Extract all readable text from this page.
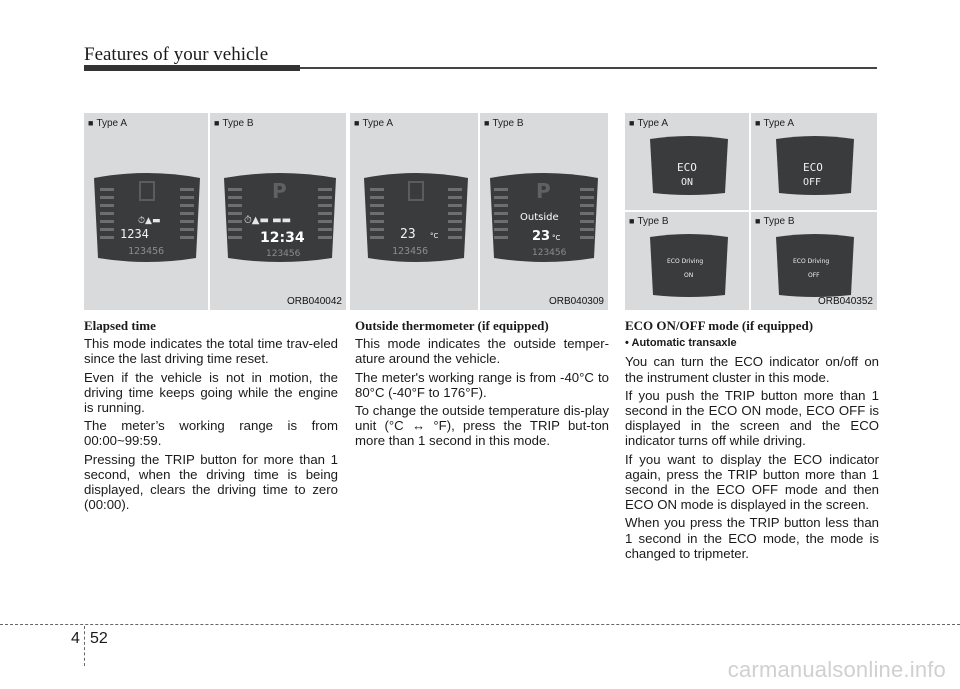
Features of your vehicle
■ Type A	■ Type B
⏱▲▬
1234
123456
P
⏱▲▬ ▬▬
12:34
123456
ORB040042
■ Type A	■ Type B
23 °C
123456
P
Outside
23 °C
123456
ORB040309
■ Type A	■ Type A
■ Type B	■ Type B
ECO
ON
ECO
OFF
ECO Driving
ON
ECO Driving
OFF
ORB040352
Elapsed time

This mode indicates the total time trav-eled since the last driving time reset.

Even if the vehicle is not in motion, the driving time keeps going while the engine is running.

The meter’s working range is from 00:00~99:59.

Pressing the TRIP button for more than 1 second, when the driving time is being displayed, clears the driving time to zero (00:00).

Outside thermometer (if equipped)

This mode indicates the outside temper-ature around the vehicle.

The meter's working range is from -40°C to 80°C (-40°F to 176°F).

To change the outside temperature dis-play unit (°C ↔ °F), press the TRIP but-ton more than 1 second in this mode.

ECO ON/OFF mode (if equipped)
• Automatic transaxle

You can turn the ECO indicator on/off on the instrument cluster in this mode.

If you push the TRIP button more than 1 second in the ECO ON mode, ECO OFF is displayed in the screen and the ECO indicator turns off while driving.

If you want to display the ECO indicator again, press the TRIP button more than 1 second in the ECO OFF mode and then ECO ON mode is displayed in the screen.

When you press the TRIP button less than 1 second in the ECO mode, the mode is changed to tripmeter.

4 52
carmanualsonline.info
